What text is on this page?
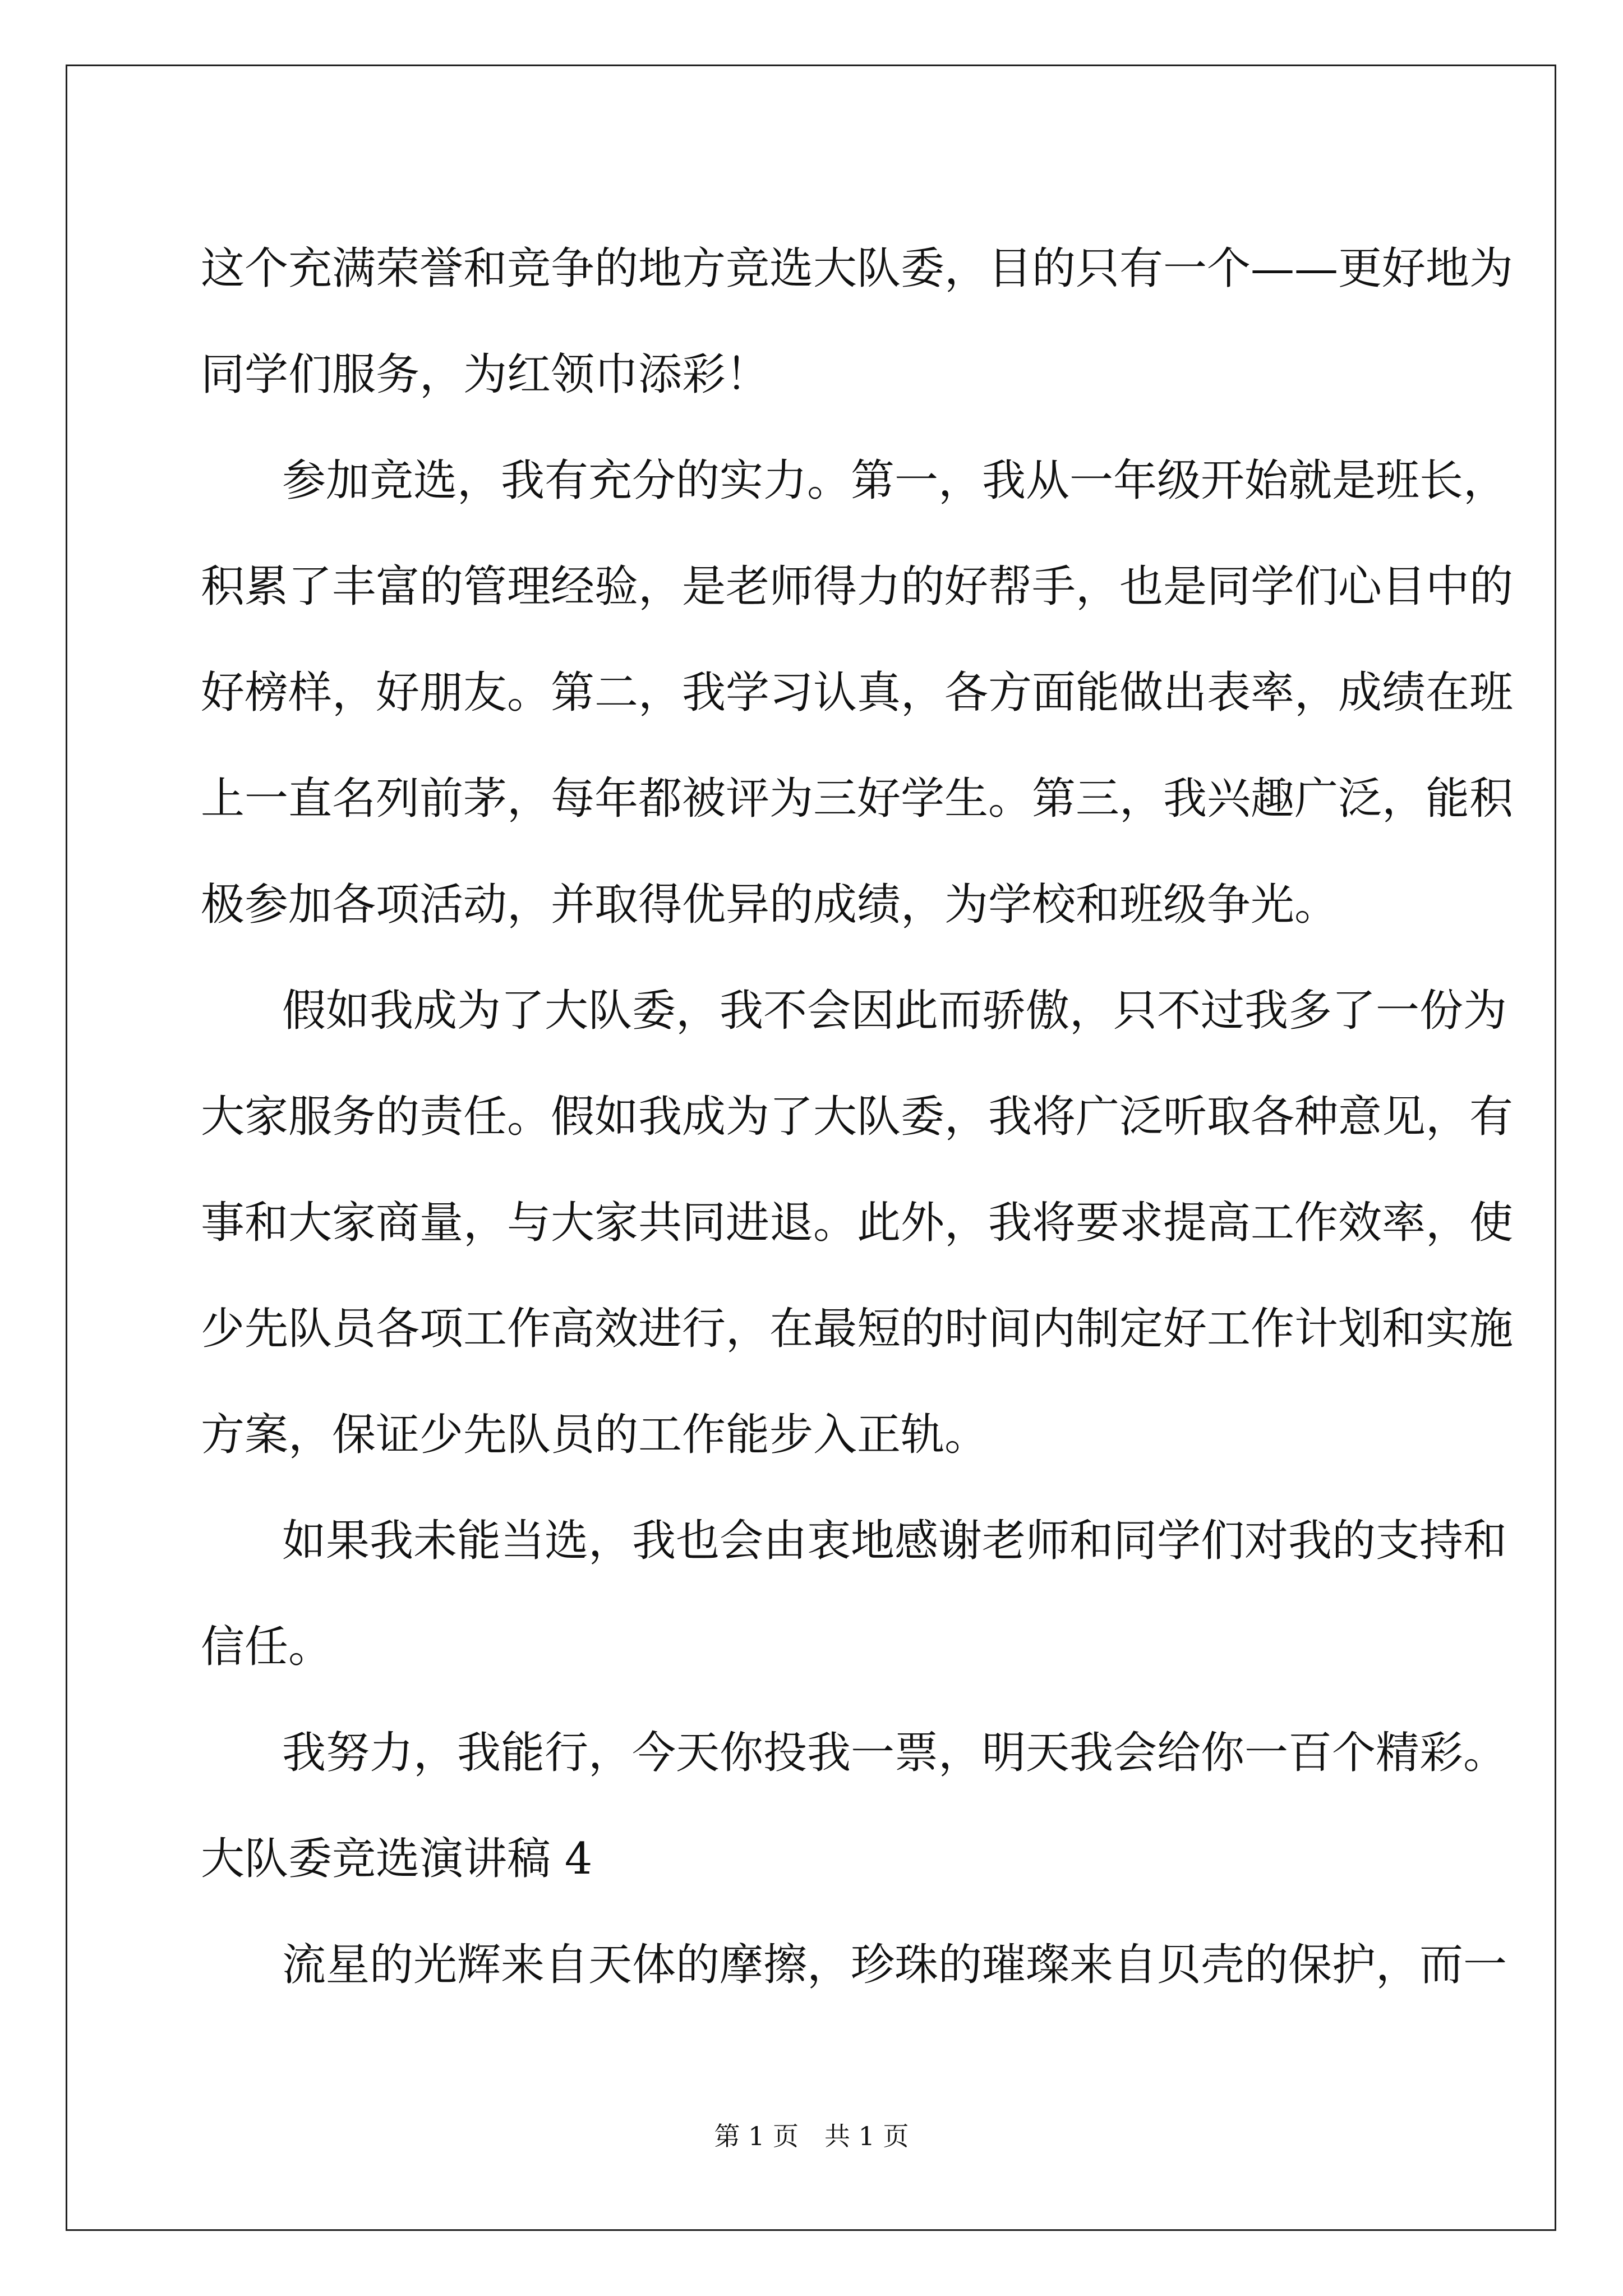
这个充满荣誉和竞争的地方竞选大队委，目的只有一个——更好地为
同学们服务，为红领巾添彩！
参加竞选，我有充分的实力。第一，我从一年级开始就是班长，
积累了丰富的管理经验，是老师得力的好帮手，也是同学们心目中的
好榜样，好朋友。第二，我学习认真，各方面能做出表率，成绩在班
上一直名列前茅，每年都被评为三好学生。第三，我兴趣广泛，能积
极参加各项活动，并取得优异的成绩，为学校和班级争光。
假如我成为了大队委，我不会因此而骄傲，只不过我多了一份为
大家服务的责任。假如我成为了大队委，我将广泛听取各种意见，有
事和大家商量，与大家共同进退。此外，我将要求提高工作效率，使
少先队员各项工作高效进行，在最短的时间内制定好工作计划和实施
方案，保证少先队员的工作能步入正轨。
如果我未能当选，我也会由衷地感谢老师和同学们对我的支持和
信任。
我努力，我能行，今天你投我一票，明天我会给你一百个精彩。
大队委竞选演讲稿 4
流星的光辉来自天体的摩擦，珍珠的璀璨来自贝壳的保护，而一
第 1 页　共 1 页
